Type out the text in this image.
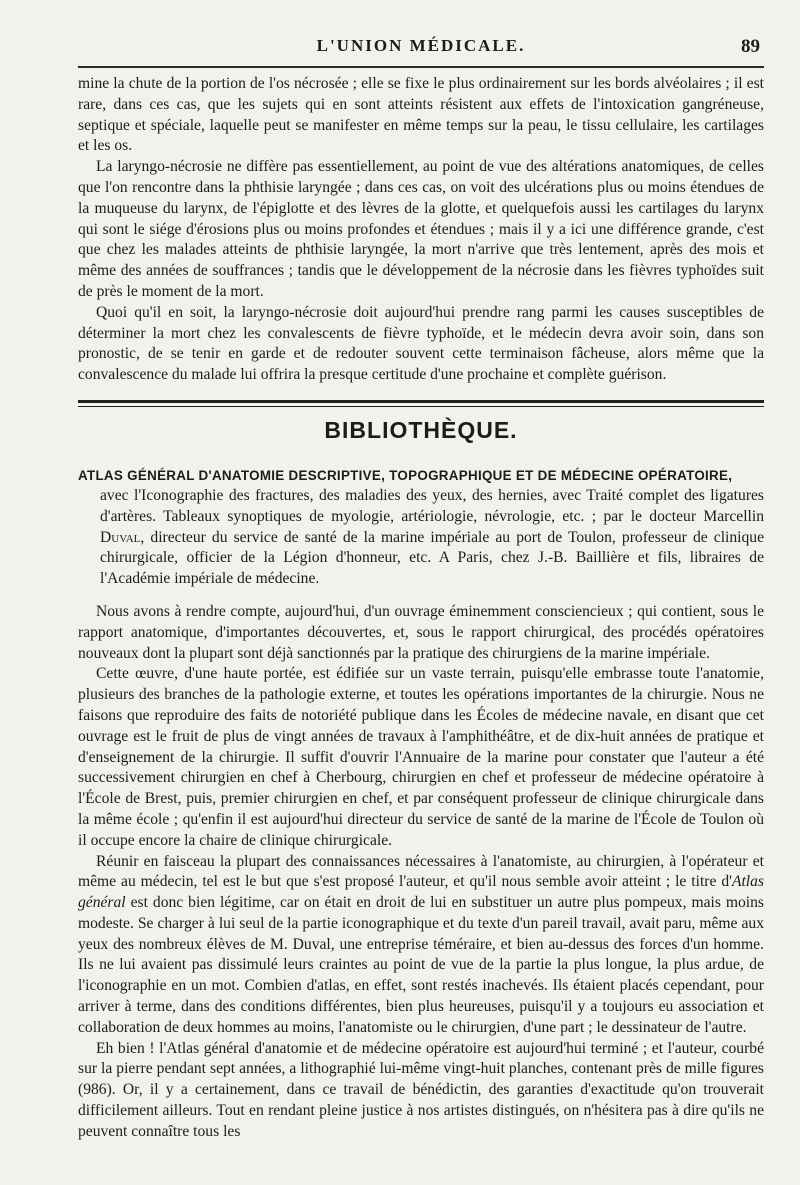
L'UNION MÉDICALE.	89

mine la chute de la portion de l'os nécrosée ; elle se fixe le plus ordinairement sur les bords alvéolaires ; il est rare, dans ces cas, que les sujets qui en sont atteints résistent aux effets de l'intoxication gangréneuse, septique et spéciale, laquelle peut se manifester en même temps sur la peau, le tissu cellulaire, les cartilages et les os.

La laryngo-nécrosie ne diffère pas essentiellement, au point de vue des altérations anatomiques, de celles que l'on rencontre dans la phthisie laryngée ; dans ces cas, on voit des ulcérations plus ou moins étendues de la muqueuse du larynx, de l'épiglotte et des lèvres de la glotte, et quelquefois aussi les cartilages du larynx qui sont le siége d'érosions plus ou moins profondes et étendues ; mais il y a ici une différence grande, c'est que chez les malades atteints de phthisie laryngée, la mort n'arrive que très lentement, après des mois et même des années de souffrances ; tandis que le développement de la nécrosie dans les fièvres typhoïdes suit de près le moment de la mort.

Quoi qu'il en soit, la laryngo-nécrosie doit aujourd'hui prendre rang parmi les causes susceptibles de déterminer la mort chez les convalescents de fièvre typhoïde, et le médecin devra avoir soin, dans son pronostic, de se tenir en garde et de redouter souvent cette terminaison fâcheuse, alors même que la convalescence du malade lui offrira la presque certitude d'une prochaine et complète guérison.

BIBLIOTHÈQUE.
ATLAS GÉNÉRAL D'ANATOMIE DESCRIPTIVE, TOPOGRAPHIQUE ET DE MÉDECINE OPÉRATOIRE,

avec l'Iconographie des fractures, des maladies des yeux, des hernies, avec Traité complet des ligatures d'artères. Tableaux synoptiques de myologie, artériologie, névrologie, etc. ; par le docteur Marcellin Duval, directeur du service de santé de la marine impériale au port de Toulon, professeur de clinique chirurgicale, officier de la Légion d'honneur, etc. A Paris, chez J.-B. Baillière et fils, libraires de l'Académie impériale de médecine.

Nous avons à rendre compte, aujourd'hui, d'un ouvrage éminemment consciencieux ; qui contient, sous le rapport anatomique, d'importantes découvertes, et, sous le rapport chirurgical, des procédés opératoires nouveaux dont la plupart sont déjà sanctionnés par la pratique des chirurgiens de la marine impériale.

Cette œuvre, d'une haute portée, est édifiée sur un vaste terrain, puisqu'elle embrasse toute l'anatomie, plusieurs des branches de la pathologie externe, et toutes les opérations importantes de la chirurgie. Nous ne faisons que reproduire des faits de notoriété publique dans les Écoles de médecine navale, en disant que cet ouvrage est le fruit de plus de vingt années de travaux à l'amphithéâtre, et de dix-huit années de pratique et d'enseignement de la chirurgie. Il suffit d'ouvrir l'Annuaire de la marine pour constater que l'auteur a été successivement chirurgien en chef à Cherbourg, chirurgien en chef et professeur de médecine opératoire à l'École de Brest, puis, premier chirurgien en chef, et par conséquent professeur de clinique chirurgicale dans la même école ; qu'enfin il est aujourd'hui directeur du service de santé de la marine de l'École de Toulon où il occupe encore la chaire de clinique chirurgicale.

Réunir en faisceau la plupart des connaissances nécessaires à l'anatomiste, au chirurgien, à l'opérateur et même au médecin, tel est le but que s'est proposé l'auteur, et qu'il nous semble avoir atteint ; le titre d'Atlas général est donc bien légitime, car on était en droit de lui en substituer un autre plus pompeux, mais moins modeste. Se charger à lui seul de la partie iconographique et du texte d'un pareil travail, avait paru, même aux yeux des nombreux élèves de M. Duval, une entreprise téméraire, et bien au-dessus des forces d'un homme. Ils ne lui avaient pas dissimulé leurs craintes au point de vue de la partie la plus longue, la plus ardue, de l'iconographie en un mot. Combien d'atlas, en effet, sont restés inachevés. Ils étaient placés cependant, pour arriver à terme, dans des conditions différentes, bien plus heureuses, puisqu'il y a toujours eu association et collaboration de deux hommes au moins, l'anatomiste ou le chirurgien, d'une part ; le dessinateur de l'autre.

Eh bien ! l'Atlas général d'anatomie et de médecine opératoire est aujourd'hui terminé ; et l'auteur, courbé sur la pierre pendant sept années, a lithographié lui-même vingt-huit planches, contenant près de mille figures (986). Or, il y a certainement, dans ce travail de bénédictin, des garanties d'exactitude qu'on trouverait difficilement ailleurs. Tout en rendant pleine justice à nos artistes distingués, on n'hésitera pas à dire qu'ils ne peuvent connaître tous les
